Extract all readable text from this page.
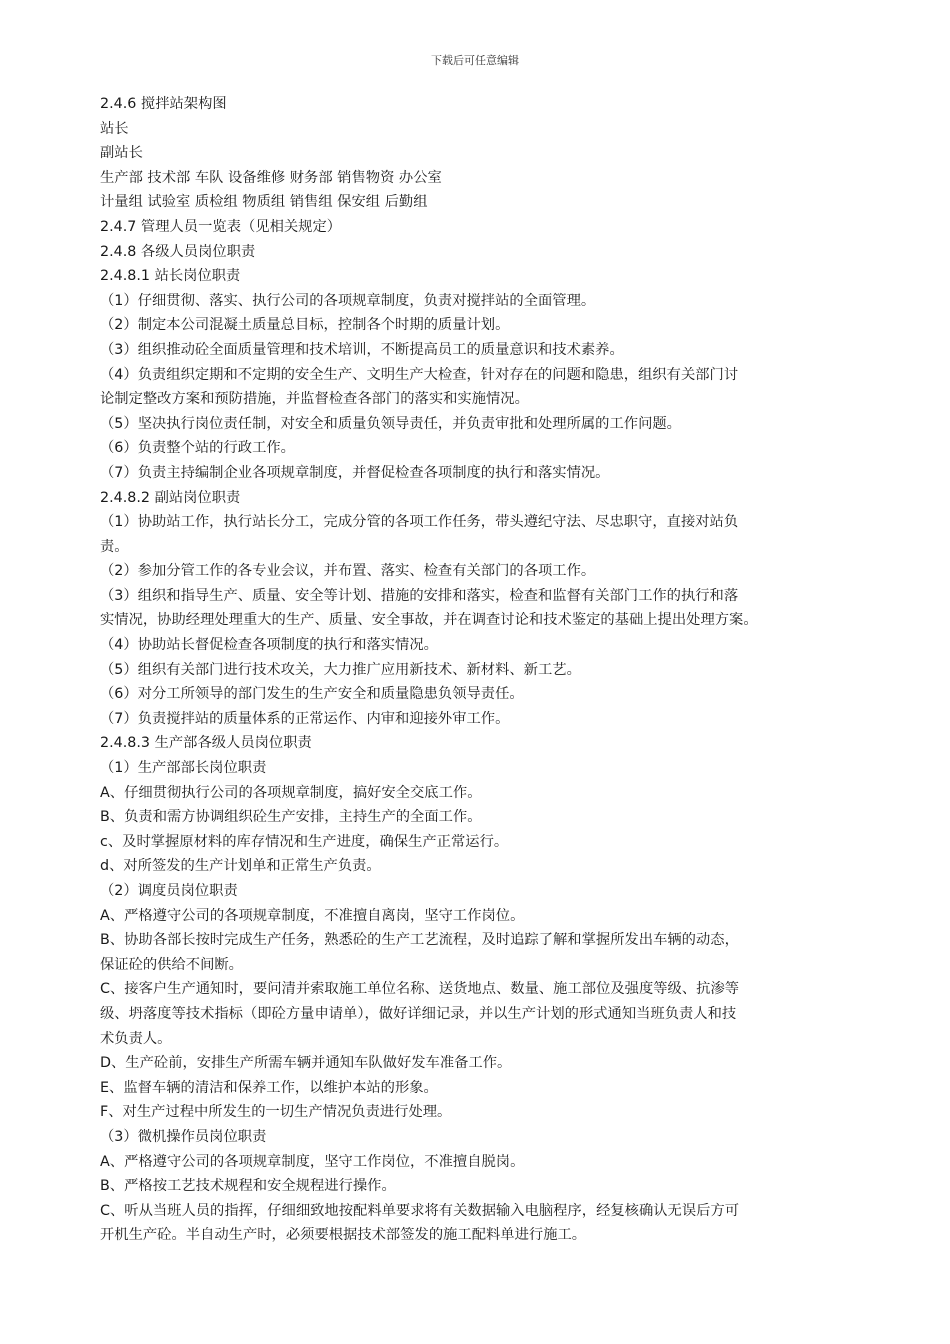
下载后可任意编辑
2.4.6 搅拌站架构图
站长
副站长
生产部 技术部 车队 设备维修 财务部 销售物资 办公室
计量组 试验室 质检组 物质组 销售组 保安组 后勤组
2.4.7 管理人员一览表（见相关规定）
2.4.8 各级人员岗位职责
2.4.8.1 站长岗位职责
（1）仔细贯彻、落实、执行公司的各项规章制度，负责对搅拌站的全面管理。
（2）制定本公司混凝土质量总目标，控制各个时期的质量计划。
（3）组织推动砼全面质量管理和技术培训，不断提高员工的质量意识和技术素养。
（4）负责组织定期和不定期的安全生产、文明生产大检查，针对存在的问题和隐患，组织有关部门讨
论制定整改方案和预防措施，并监督检查各部门的落实和实施情况。
（5）坚决执行岗位责任制，对安全和质量负领导责任，并负责审批和处理所属的工作问题。
（6）负责整个站的行政工作。
（7）负责主持编制企业各项规章制度，并督促检查各项制度的执行和落实情况。
2.4.8.2 副站岗位职责
（1）协助站工作，执行站长分工，完成分管的各项工作任务，带头遵纪守法、尽忠职守，直接对站负
责。
（2）参加分管工作的各专业会议，并布置、落实、检查有关部门的各项工作。
（3）组织和指导生产、质量、安全等计划、措施的安排和落实，检查和监督有关部门工作的执行和落
实情况，协助经理处理重大的生产、质量、安全事故，并在调查讨论和技术鉴定的基础上提出处理方案。
（4）协助站长督促检查各项制度的执行和落实情况。
（5）组织有关部门进行技术攻关，大力推广应用新技术、新材料、新工艺。
（6）对分工所领导的部门发生的生产安全和质量隐患负领导责任。
（7）负责搅拌站的质量体系的正常运作、内审和迎接外审工作。
2.4.8.3 生产部各级人员岗位职责
（1）生产部部长岗位职责
A、仔细贯彻执行公司的各项规章制度，搞好安全交底工作。
B、负责和需方协调组织砼生产安排，主持生产的全面工作。
c、及时掌握原材料的库存情况和生产进度，确保生产正常运行。
d、对所签发的生产计划单和正常生产负责。
（2）调度员岗位职责
A、严格遵守公司的各项规章制度，不准擅自离岗，坚守工作岗位。
B、协助各部长按时完成生产任务，熟悉砼的生产工艺流程，及时追踪了解和掌握所发出车辆的动态，
保证砼的供给不间断。
C、接客户生产通知时，要问清并索取施工单位名称、送货地点、数量、施工部位及强度等级、抗渗等
级、坍落度等技术指标（即砼方量申请单），做好详细记录，并以生产计划的形式通知当班负责人和技
术负责人。
D、生产砼前，安排生产所需车辆并通知车队做好发车准备工作。
E、监督车辆的清洁和保养工作，以维护本站的形象。
F、对生产过程中所发生的一切生产情况负责进行处理。
（3）微机操作员岗位职责
A、严格遵守公司的各项规章制度，坚守工作岗位，不准擅自脱岗。
B、严格按工艺技术规程和安全规程进行操作。
C、听从当班人员的指挥，仔细细致地按配料单要求将有关数据输入电脑程序，经复核确认无误后方可
开机生产砼。半自动生产时，必须要根据技术部签发的施工配料单进行施工。
